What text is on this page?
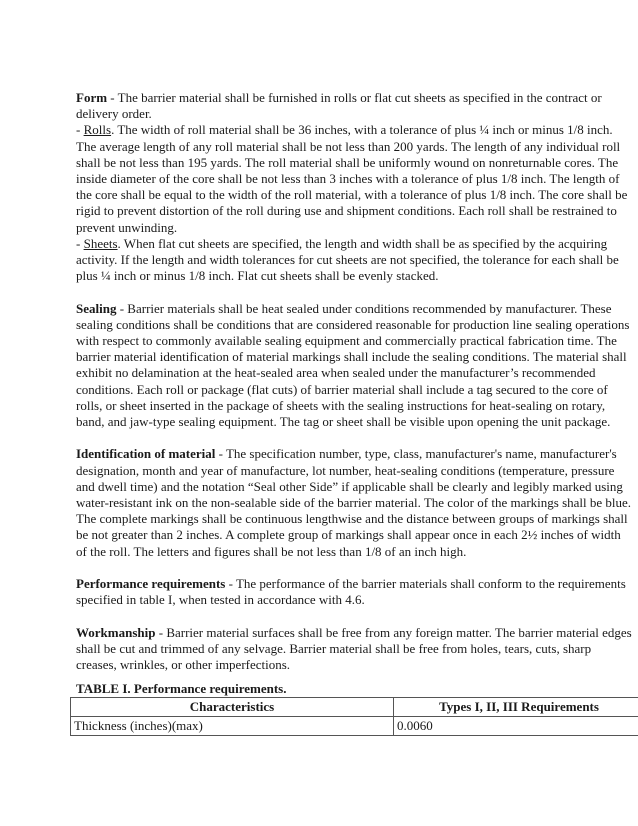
Form - The barrier material shall be furnished in rolls or flat cut sheets as specified in the contract or delivery order.

- Rolls. The width of roll material shall be 36 inches, with a tolerance of plus ¼ inch or minus 1/8 inch. The average length of any roll material shall be not less than 200 yards. The length of any individual roll shall be not less than 195 yards. The roll material shall be uniformly wound on nonreturnable cores. The inside diameter of the core shall be not less than 3 inches with a tolerance of plus 1/8 inch. The length of the core shall be equal to the width of the roll material, with a tolerance of plus 1/8 inch. The core shall be rigid to prevent distortion of the roll during use and shipment conditions. Each roll shall be restrained to prevent unwinding.

- Sheets. When flat cut sheets are specified, the length and width shall be as specified by the acquiring activity. If the length and width tolerances for cut sheets are not specified, the tolerance for each shall be plus ¼ inch or minus 1/8 inch. Flat cut sheets shall be evenly stacked.

Sealing - Barrier materials shall be heat sealed under conditions recommended by manufacturer. These sealing conditions shall be conditions that are considered reasonable for production line sealing operations with respect to commonly available sealing equipment and commercially practical fabrication time. The barrier material identification of material markings shall include the sealing conditions. The material shall exhibit no delamination at the heat-sealed area when sealed under the manufacturer’s recommended conditions. Each roll or package (flat cuts) of barrier material shall include a tag secured to the core of rolls, or sheet inserted in the package of sheets with the sealing instructions for heat-sealing on rotary, band, and jaw-type sealing equipment. The tag or sheet shall be visible upon opening the unit package.

Identification of material - The specification number, type, class, manufacturer's name, manufacturer's designation, month and year of manufacture, lot number, heat-sealing conditions (temperature, pressure and dwell time) and the notation “Seal other Side” if applicable shall be clearly and legibly marked using water-resistant ink on the non-sealable side of the barrier material. The color of the markings shall be blue. The complete markings shall be continuous lengthwise and the distance between groups of markings shall be not greater than 2 inches. A complete group of markings shall appear once in each 2½ inches of width of the roll. The letters and figures shall be not less than 1/8 of an inch high.

Performance requirements - The performance of the barrier materials shall conform to the requirements specified in table I, when tested in accordance with 4.6.

Workmanship - Barrier material surfaces shall be free from any foreign matter. The barrier material edges shall be cut and trimmed of any selvage. Barrier material shall be free from holes, tears, cuts, sharp creases, wrinkles, or other imperfections.

TABLE I. Performance requirements.
Characteristics	Types I, II, III Requirements
Thickness (inches)(max)	0.0060
